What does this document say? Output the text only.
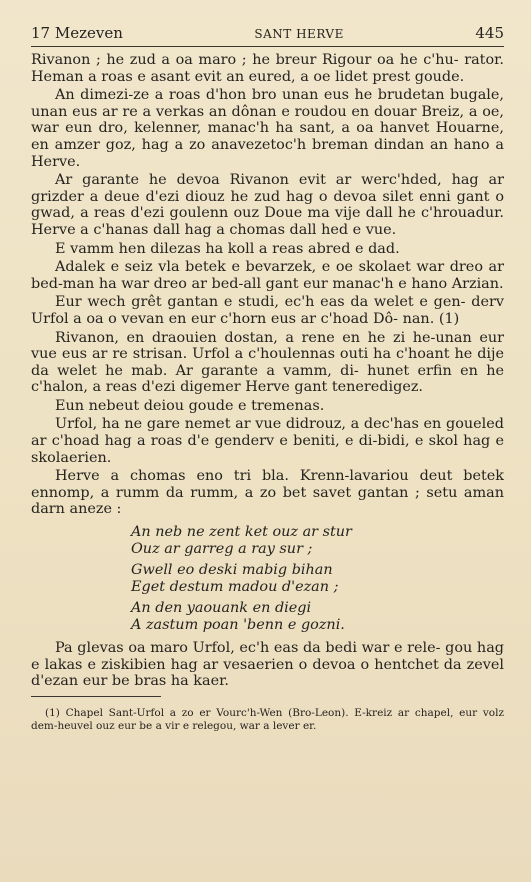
17 Mezeven	SANT HERVE	445

Rivanon ; he zud a oa maro ; he breur Rigour oa he c'hu- rator. Heman a roas e asant evit an eured, a oe lidet prest goude.

An dimezi-ze a roas d'hon bro unan eus he brudetan bugale, unan eus ar re a verkas an dônan e roudou en douar Breiz, a oe, war eun dro, kelenner, manac'h ha sant, a oa hanvet Houarne, en amzer goz, hag a zo anavezetoc'h breman dindan an hano a Herve.

Ar garante he devoa Rivanon evit ar werc'hded, hag ar grizder a deue d'ezi diouz he zud hag o devoa silet enni gant o gwad, a reas d'ezi goulenn ouz Doue ma vije dall he c'hrouadur. Herve a c'hanas dall hag a chomas dall hed e vue.

E vamm hen dilezas ha koll a reas abred e dad.

Adalek e seiz vla betek e bevarzek, e oe skolaet war dreo ar bed-man ha war dreo ar bed-all gant eur manac'h e hano Arzian.

Eur wech grêt gantan e studi, ec'h eas da welet e gen- derv Urfol a oa o vevan en eur c'horn eus ar c'hoad Dô- nan. (1)

Rivanon, en draouien dostan, a rene en he zi he-unan eur vue eus ar re strisan. Urfol a c'houlennas outi ha c'hoant he dije da welet he mab. Ar garante a vamm, di- hunet erfin en he c'halon, a reas d'ezi digemer Herve gant teneredigez.

Eun nebeut deiou goude e tremenas.

Urfol, ha ne gare nemet ar vue didrouz, a dec'has en goueled ar c'hoad hag a roas d'e genderv e beniti, e di-bidi, e skol hag e skolaerien.

Herve a chomas eno tri bla. Krenn-lavariou deut betek ennomp, a rumm da rumm, a zo bet savet gantan ; setu aman darn aneze :

An neb ne zent ket ouz ar stur
Ouz ar garreg a ray sur ;
Gwell eo deski mabig bihan
Eget destum madou d'ezan ;
An den yaouank en diegi
A zastum poan 'benn e gozni.

Pa glevas oa maro Urfol, ec'h eas da bedi war e rele- gou hag e lakas e ziskibien hag ar vesaerien o devoa o hentchet da zevel d'ezan eur be bras ha kaer.

(1) Chapel Sant-Urfol a zo er Vourc'h-Wen (Bro-Leon). E-kreiz ar chapel, eur volz dem-heuvel ouz eur be a vir e relegou, war a lever er.
